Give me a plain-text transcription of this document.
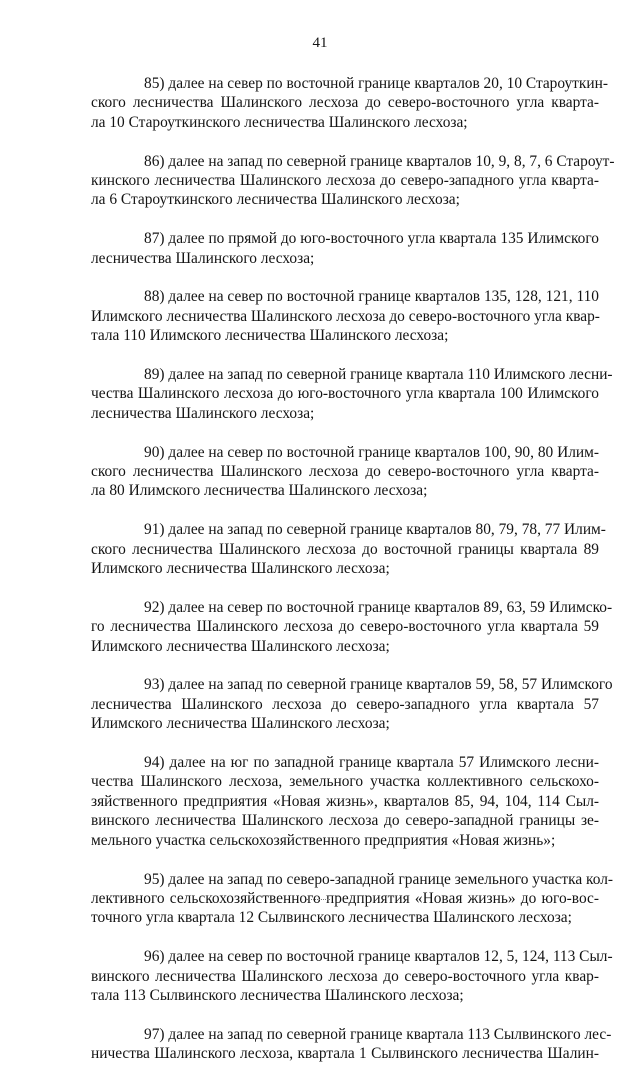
41
85) далее на север по восточной границе кварталов 20, 10 Староуткин-
ского лесничества Шалинского лесхоза до северо-восточного угла кварта-
ла 10 Староуткинского лесничества Шалинского лесхоза;
86) далее на запад по северной границе кварталов 10, 9, 8, 7, 6 Староут-
кинского лесничества Шалинского лесхоза до северо-западного угла кварта-
ла 6 Староуткинского лесничества Шалинского лесхоза;
87) далее по прямой до юго-восточного угла квартала 135 Илимского
лесничества Шалинского лесхоза;
88) далее на север по восточной границе кварталов 135, 128, 121, 110
Илимского лесничества Шалинского лесхоза до северо-восточного угла квар-
тала 110 Илимского лесничества Шалинского лесхоза;
89) далее на запад по северной границе квартала 110 Илимского лесни-
чества Шалинского лесхоза до юго-восточного угла квартала 100 Илимского
лесничества Шалинского лесхоза;
90) далее на север по восточной границе кварталов 100, 90, 80 Илим-
ского лесничества Шалинского лесхоза до северо-восточного угла кварта-
ла 80 Илимского лесничества Шалинского лесхоза;
91) далее на запад по северной границе кварталов 80, 79, 78, 77 Илим-
ского лесничества Шалинского лесхоза до восточной границы квартала 89
Илимского лесничества Шалинского лесхоза;
92) далее на север по восточной границе кварталов 89, 63, 59 Илимско-
го лесничества Шалинского лесхоза до северо-восточного угла квартала 59
Илимского лесничества Шалинского лесхоза;
93) далее на запад по северной границе кварталов 59, 58, 57 Илимского
лесничества Шалинского лесхоза до северо-западного угла квартала 57
Илимского лесничества Шалинского лесхоза;
94) далее на юг по западной границе квартала 57 Илимского лесни-
чества Шалинского лесхоза, земельного участка коллективного сельскохо-
зяйственного предприятия «Новая жизнь», кварталов 85, 94, 104, 114 Сыл-
винского лесничества Шалинского лесхоза до северо-западной границы зе-
мельного участка сельскохозяйственного предприятия «Новая жизнь»;
95) далее на запад по северо-западной границе земельного участка кол-
лективного сельскохозяйственного предприятия «Новая жизнь» до юго-вос-
точного угла квартала 12 Сылвинского лесничества Шалинского лесхоза;
96) далее на север по восточной границе кварталов 12, 5, 124, 113 Сыл-
винского лесничества Шалинского лесхоза до северо-восточного угла квар-
тала 113 Сылвинского лесничества Шалинского лесхоза;
97) далее на запад по северной границе квартала 113 Сылвинского лес-
ничества Шалинского лесхоза, квартала 1 Сылвинского лесничества Шалин-
